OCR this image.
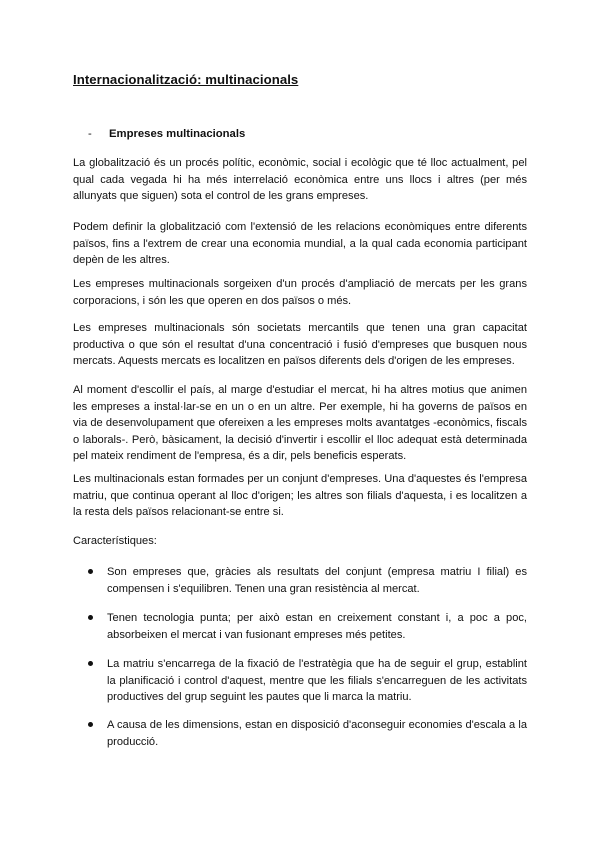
Internacionalització: multinacionals
- Empreses multinacionals

La globalització és un procés polític, econòmic, social i ecològic que té lloc actualment, pel qual cada vegada hi ha més interrelació econòmica entre uns llocs i altres (per més allunyats que siguen) sota el control de les grans empreses.

Podem definir la globalització com l'extensió de les relacions econòmiques entre diferents països, fins a l'extrem de crear una economia mundial, a la qual cada economia participant depèn de les altres.

Les empreses multinacionals sorgeixen d'un procés d'ampliació de mercats per les grans corporacions, i són les que operen en dos països o més.

Les empreses multinacionals són societats mercantils que tenen una gran capacitat productiva o que són el resultat d'una concentració i fusió d'empreses que busquen nous mercats. Aquests mercats es localitzen en països diferents dels d'origen de les empreses.

Al moment d'escollir el país, al marge d'estudiar el mercat, hi ha altres motius que animen les empreses a instal·lar-se en un o en un altre. Per exemple, hi ha governs de països en via de desenvolupament que ofereixen a les empreses molts avantatges -econòmics, fiscals o laborals-. Però, bàsicament, la decisió d'invertir i escollir el lloc adequat està determinada pel mateix rendiment de l'empresa, és a dir, pels beneficis esperats.

Les multinacionals estan formades per un conjunt d'empreses. Una d'aquestes és l'empresa matriu, que continua operant al lloc d'origen; les altres son filials d'aquesta, i es localitzen a la resta dels països relacionant-se entre si.

Característiques:

Son empreses que, gràcies als resultats del conjunt (empresa matriu I filial) es compensen i s'equilibren. Tenen una gran resistència al mercat.
Tenen tecnologia punta; per això estan en creixement constant i, a poc a poc, absorbeixen el mercat i van fusionant empreses més petites.
La matriu s'encarrega de la fixació de l'estratègia que ha de seguir el grup, establint la planificació i control d'aquest, mentre que les filials s'encarreguen de les activitats productives del grup seguint les pautes que li marca la matriu.
A causa de les dimensions, estan en disposició d'aconseguir economies d'escala a la producció.
